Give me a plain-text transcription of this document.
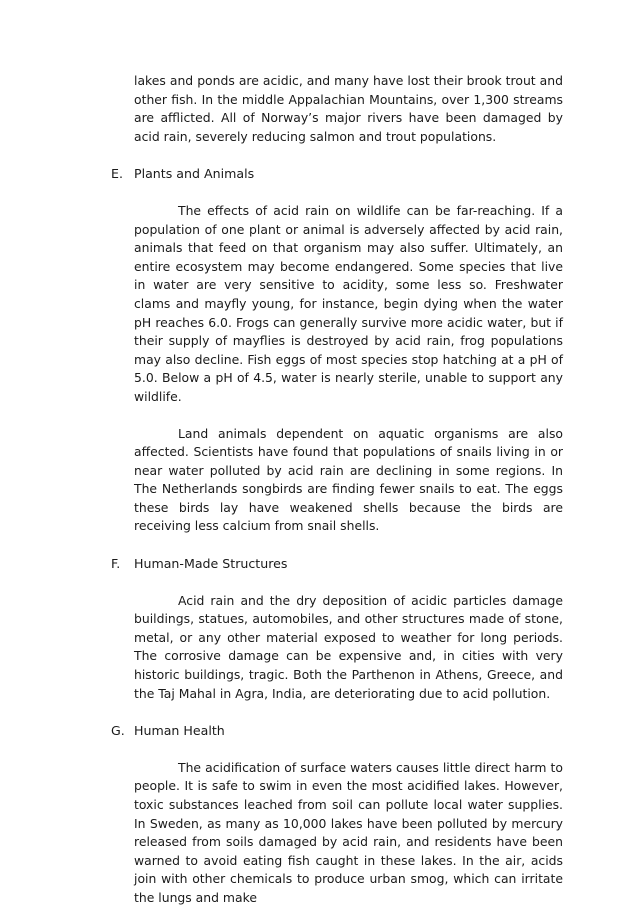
lakes and ponds are acidic, and many have lost their brook trout and other fish. In the middle Appalachian Mountains, over 1,300 streams are afflicted. All of Norway’s major rivers have been damaged by acid rain, severely reducing salmon and trout populations.

E. Plants and Animals

The effects of acid rain on wildlife can be far-reaching. If a population of one plant or animal is adversely affected by acid rain, animals that feed on that organism may also suffer. Ultimately, an entire ecosystem may become endangered. Some species that live in water are very sensitive to acidity, some less so. Freshwater clams and mayfly young, for instance, begin dying when the water pH reaches 6.0. Frogs can generally survive more acidic water, but if their supply of mayflies is destroyed by acid rain, frog populations may also decline. Fish eggs of most species stop hatching at a pH of 5.0. Below a pH of 4.5, water is nearly sterile, unable to support any wildlife.

Land animals dependent on aquatic organisms are also affected. Scientists have found that populations of snails living in or near water polluted by acid rain are declining in some regions. In The Netherlands songbirds are finding fewer snails to eat. The eggs these birds lay have weakened shells because the birds are receiving less calcium from snail shells.

F. Human-Made Structures

Acid rain and the dry deposition of acidic particles damage buildings, statues, automobiles, and other structures made of stone, metal, or any other material exposed to weather for long periods. The corrosive damage can be expensive and, in cities with very historic buildings, tragic. Both the Parthenon in Athens, Greece, and the Taj Mahal in Agra, India, are deteriorating due to acid pollution.

G. Human Health

The acidification of surface waters causes little direct harm to people. It is safe to swim in even the most acidified lakes. However, toxic substances leached from soil can pollute local water supplies. In Sweden, as many as 10,000 lakes have been polluted by mercury released from soils damaged by acid rain, and residents have been warned to avoid eating fish caught in these lakes. In the air, acids join with other chemicals to produce urban smog, which can irritate the lungs and make
